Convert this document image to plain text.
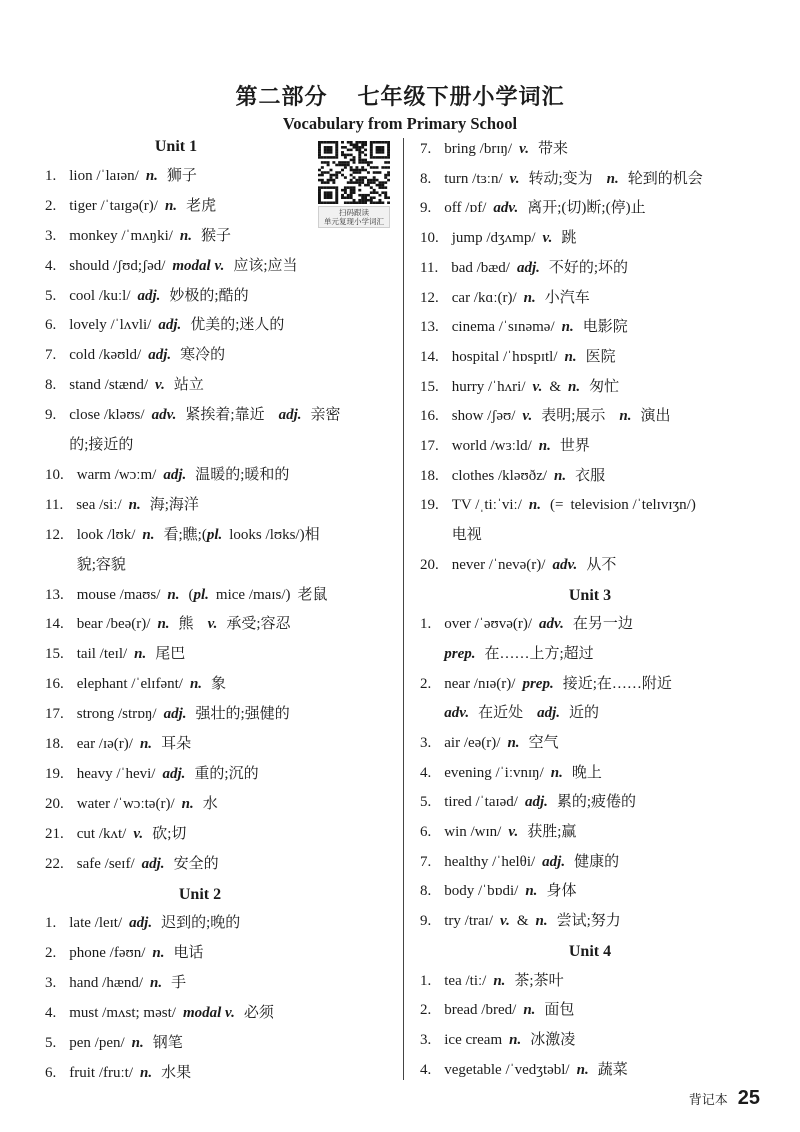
第二部分 七年级下册小学词汇
Vocabulary from Primary School
Unit 1
1. lion /ˈlaɪən/ n. 狮子
2. tiger /ˈtaɪgə(r)/ n. 老虎
3. monkey /ˈmʌŋki/ n. 猴子
4. should /ʃʊd;ʃəd/ modal v. 应该;应当
5. cool /kuːl/ adj. 妙极的;酷的
6. lovely /ˈlʌvli/ adj. 优美的;迷人的
7. cold /kəʊld/ adj. 寒冷的
8. stand /stænd/ v. 站立
9. close /kləʊs/ adv. 紧挨着;靠近 adj. 亲密
的;接近的
10. warm /wɔːm/ adj. 温暖的;暖和的
11. sea /siː/ n. 海;海洋
12. look /lʊk/ n. 看;瞧;(pl. looks /lʊks/)相
貌;容貌
13. mouse /maʊs/ n. (pl. mice /maɪs/) 老鼠
14. bear /beə(r)/ n. 熊 v. 承受;容忍
15. tail /teɪl/ n. 尾巴
16. elephant /ˈelɪfənt/ n. 象
17. strong /strɒŋ/ adj. 强壮的;强健的
18. ear /ɪə(r)/ n. 耳朵
19. heavy /ˈhevi/ adj. 重的;沉的
20. water /ˈwɔːtə(r)/ n. 水
21. cut /kʌt/ v. 砍;切
22. safe /seɪf/ adj. 安全的
Unit 2
1. late /leɪt/ adj. 迟到的;晚的
2. phone /fəʊn/ n. 电话
3. hand /hænd/ n. 手
4. must /mʌst; məst/ modal v. 必须
5. pen /pen/ n. 钢笔
6. fruit /fruːt/ n. 水果
7. bring /brɪŋ/ v. 带来
8. turn /tɜːn/ v. 转动;变为 n. 轮到的机会
9. off /ɒf/ adv. 离开;(切)断;(停)止
10. jump /dʒʌmp/ v. 跳
11. bad /bæd/ adj. 不好的;坏的
12. car /kɑː(r)/ n. 小汽车
13. cinema /ˈsɪnəmə/ n. 电影院
14. hospital /ˈhɒspɪtl/ n. 医院
15. hurry /ˈhʌri/ v. & n. 匆忙
16. show /ʃəʊ/ v. 表明;展示 n. 演出
17. world /wɜːld/ n. 世界
18. clothes /kləʊðz/ n. 衣服
19. TV /ˌtiːˈviː/ n. (= television /ˈtelɪvɪʒn/)
电视
20. never /ˈnevə(r)/ adv. 从不
Unit 3
1. over /ˈəʊvə(r)/ adv. 在另一边
prep. 在……上方;超过
2. near /nɪə(r)/ prep. 接近;在……附近
adv. 在近处 adj. 近的
3. air /eə(r)/ n. 空气
4. evening /ˈiːvnɪŋ/ n. 晚上
5. tired /ˈtaɪəd/ adj. 累的;疲倦的
6. win /wɪn/ v. 获胜;赢
7. healthy /ˈhelθi/ adj. 健康的
8. body /ˈbɒdi/ n. 身体
9. try /traɪ/ v. & n. 尝试;努力
Unit 4
1. tea /tiː/ n. 茶;茶叶
2. bread /bred/ n. 面包
3. ice cream n. 冰激凌
4. vegetable /ˈvedʒtəbl/ n. 蔬菜
扫码跟读
单元复现小学词汇
背记本 25
